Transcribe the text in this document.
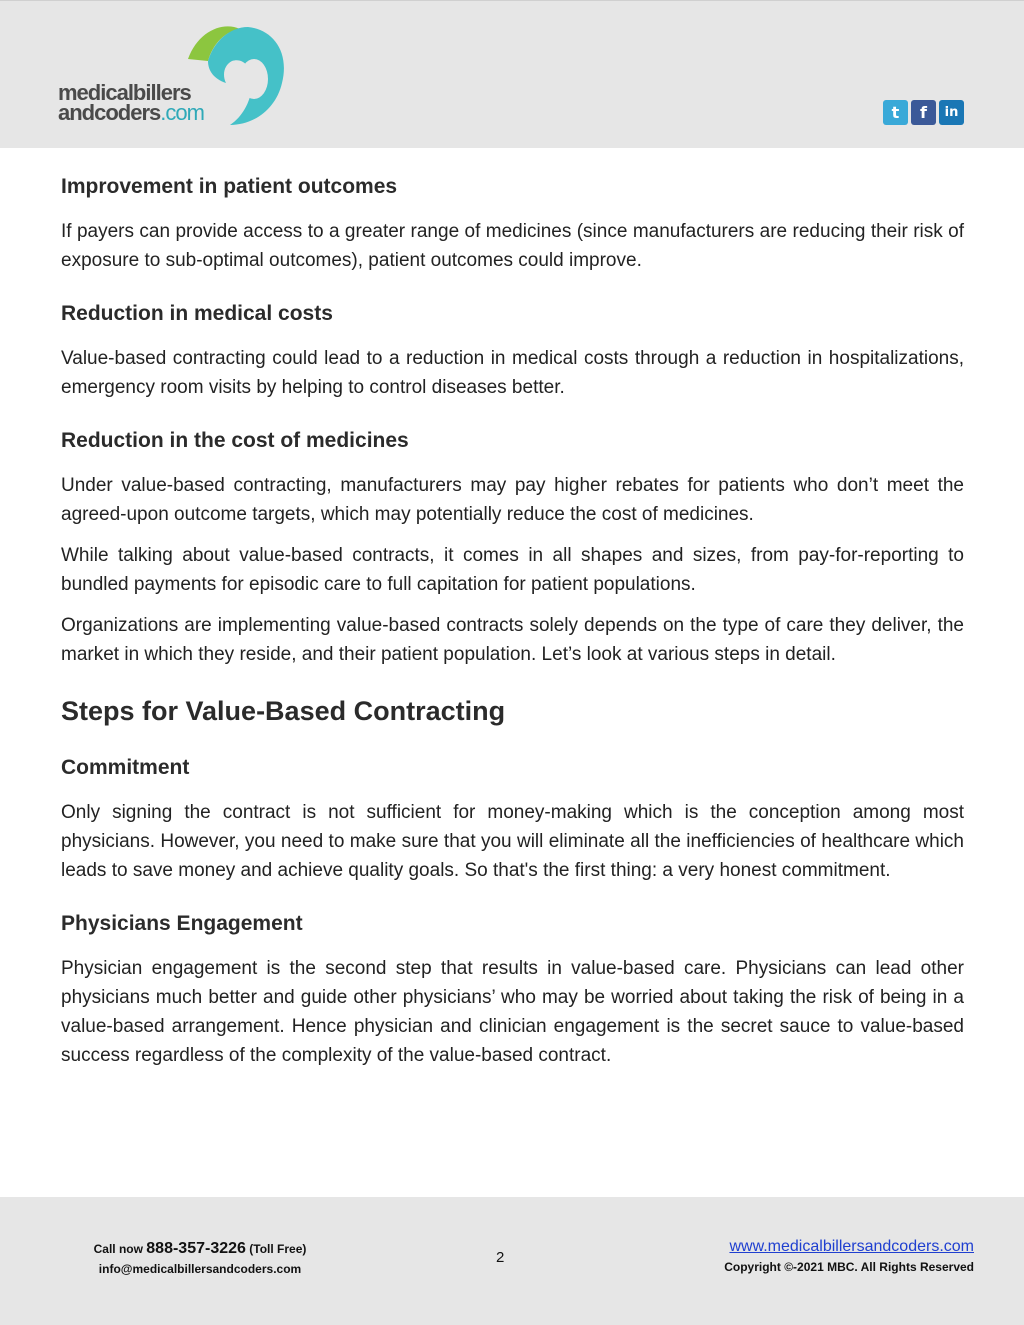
medicalbillers
andcoders.com	t	f	in
Improvement in patient outcomes

If payers can provide access to a greater range of medicines (since manufacturers are reducing their risk of exposure to sub-optimal outcomes), patient outcomes could improve.

Reduction in medical costs

Value-based contracting could lead to a reduction in medical costs through a reduction in hospitalizations, emergency room visits by helping to control diseases better.

Reduction in the cost of medicines

Under value-based contracting, manufacturers may pay higher rebates for patients who don’t meet the agreed-upon outcome targets, which may potentially reduce the cost of medicines.

While talking about value-based contracts, it comes in all shapes and sizes, from pay-for-reporting to bundled payments for episodic care to full capitation for patient populations.

Organizations are implementing value-based contracts solely depends on the type of care they deliver, the market in which they reside, and their patient population. Let’s look at various steps in detail.

Steps for Value-Based Contracting
Commitment

Only signing the contract is not sufficient for money-making which is the conception among most physicians. However, you need to make sure that you will eliminate all the inefficiencies of healthcare which leads to save money and achieve quality goals. So that's the first thing: a very honest commitment.

Physicians Engagement

Physician engagement is the second step that results in value-based care. Physicians can lead other physicians much better and guide other physicians’ who may be worried about taking the risk of being in a value-based arrangement. Hence physician and clinician engagement is the secret sauce to value-based success regardless of the complexity of the value-based contract.

Call now 888-357-3226 (Toll Free)
info@medicalbillersandcoders.com
2
www.medicalbillersandcoders.com
Copyright ©-2021 MBC. All Rights Reserved
